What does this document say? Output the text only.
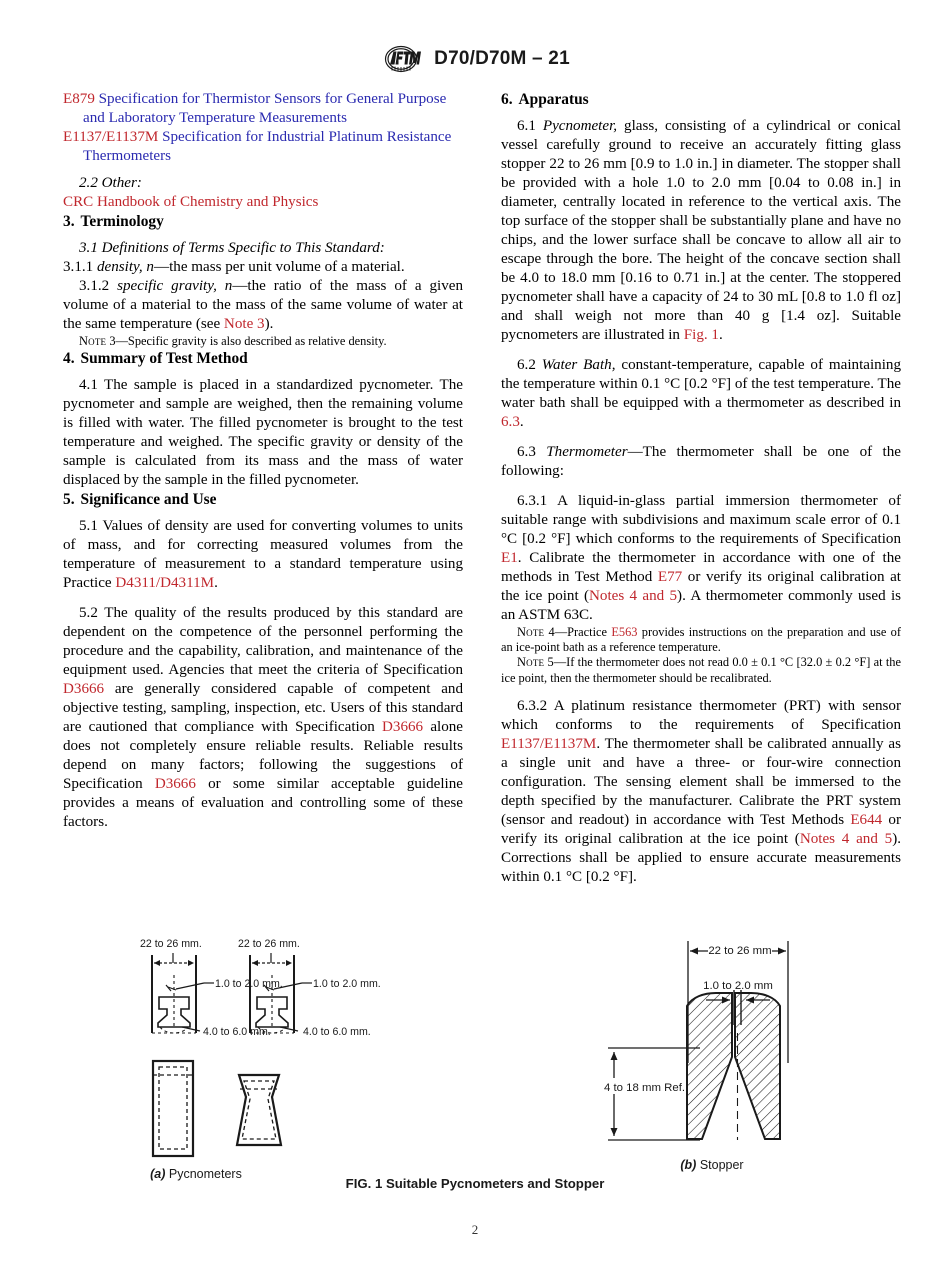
D70/D70M – 21
E879 Specification for Thermistor Sensors for General Purpose and Laboratory Temperature Measurements
E1137/E1137M Specification for Industrial Platinum Resistance Thermometers
2.2 Other:
CRC Handbook of Chemistry and Physics
3. Terminology

3.1 Definitions of Terms Specific to This Standard:

3.1.1 density, n—the mass per unit volume of a material.

3.1.2 specific gravity, n—the ratio of the mass of a given volume of a material to the mass of the same volume of water at the same temperature (see Note 3).

Note 3—Specific gravity is also described as relative density.

4. Summary of Test Method

4.1 The sample is placed in a standardized pycnometer. The pycnometer and sample are weighed, then the remaining volume is filled with water. The filled pycnometer is brought to the test temperature and weighed. The specific gravity or density of the sample is calculated from its mass and the mass of water displaced by the sample in the filled pycnometer.

5. Significance and Use

5.1 Values of density are used for converting volumes to units of mass, and for correcting measured volumes from the temperature of measurement to a standard temperature using Practice D4311/D4311M.

5.2 The quality of the results produced by this standard are dependent on the competence of the personnel performing the procedure and the capability, calibration, and maintenance of the equipment used. Agencies that meet the criteria of Specification D3666 are generally considered capable of competent and objective testing, sampling, inspection, etc. Users of this standard are cautioned that compliance with Specification D3666 alone does not completely ensure reliable results. Reliable results depend on many factors; following the suggestions of Specification D3666 or some similar acceptable guideline provides a means of evaluation and controlling some of these factors.

6. Apparatus

6.1 Pycnometer, glass, consisting of a cylindrical or conical vessel carefully ground to receive an accurately fitting glass stopper 22 to 26 mm [0.9 to 1.0 in.] in diameter. The stopper shall be provided with a hole 1.0 to 2.0 mm [0.04 to 0.08 in.] in diameter, centrally located in reference to the vertical axis. The top surface of the stopper shall be substantially plane and have no chips, and the lower surface shall be concave to allow all air to escape through the bore. The height of the concave section shall be 4.0 to 18.0 mm [0.16 to 0.71 in.] at the center. The stoppered pycnometer shall have a capacity of 24 to 30 mL [0.8 to 1.0 fl oz] and shall weigh not more than 40 g [1.4 oz]. Suitable pycnometers are illustrated in Fig. 1.

6.2 Water Bath, constant-temperature, capable of maintaining the temperature within 0.1 °C [0.2 °F] of the test temperature. The water bath shall be equipped with a thermometer as described in 6.3.

6.3 Thermometer—The thermometer shall be one of the following:

6.3.1 A liquid-in-glass partial immersion thermometer of suitable range with subdivisions and maximum scale error of 0.1 °C [0.2 °F] which conforms to the requirements of Specification E1. Calibrate the thermometer in accordance with one of the methods in Test Method E77 or verify its original calibration at the ice point (Notes 4 and 5). A thermometer commonly used is an ASTM 63C.

Note 4—Practice E563 provides instructions on the preparation and use of an ice-point bath as a reference temperature.

Note 5—If the thermometer does not read 0.0 ± 0.1 °C [32.0 ± 0.2 °F] at the ice point, then the thermometer should be recalibrated.

6.3.2 A platinum resistance thermometer (PRT) with sensor which conforms to the requirements of Specification E1137/E1137M. The thermometer shall be calibrated annually as a single unit and have a three- or four-wire connection configuration. The sensing element shall be immersed to the depth specified by the manufacturer. Calibrate the PRT system (sensor and readout) in accordance with Test Methods E644 or verify its original calibration at the ice point (Notes 4 and 5). Corrections shall be applied to ensure accurate measurements within 0.1 °C [0.2 °F].

22 to 26 mm.	22 to 26 mm.
1.0 to 2.0 mm.	1.0 to 2.0 mm.
4.0 to 6.0 mm.	4.0 to 6.0 mm.
(a) Pycnometers
22 to 26 mm
1.0 to 2.0 mm
4 to 18 mm Ref.
(b) Stopper
FIG. 1 Suitable Pycnometers and Stopper
2
